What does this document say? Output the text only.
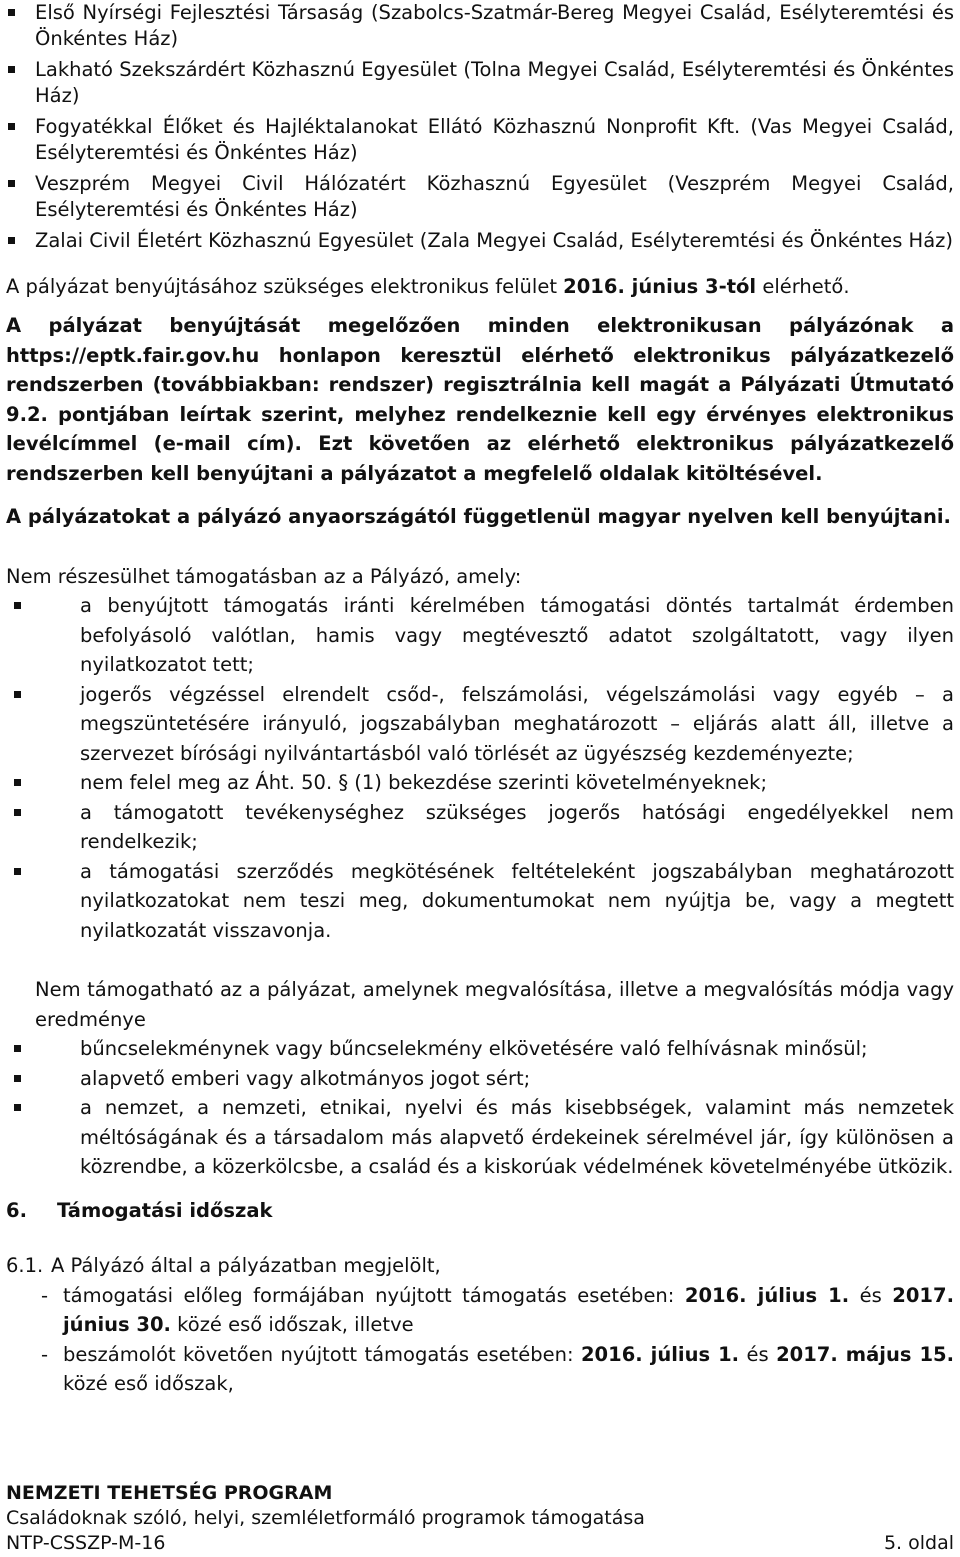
Első Nyírségi Fejlesztési Társaság (Szabolcs-Szatmár-Bereg Megyei Család, Esélyteremtési és Önkéntes Ház)
Lakható Szekszárdért Közhasznú Egyesület (Tolna Megyei Család, Esélyteremtési és Önkéntes Ház)
Fogyatékkal Élőket és Hajléktalanokat Ellátó Közhasznú Nonprofit Kft. (Vas Megyei Család, Esélyteremtési és Önkéntes Ház)
Veszprém Megyei Civil Hálózatért Közhasznú Egyesület (Veszprém Megyei Család, Esélyteremtési és Önkéntes Ház)
Zalai Civil Életért Közhasznú Egyesület (Zala Megyei Család, Esélyteremtési és Önkéntes Ház)

A pályázat benyújtásához szükséges elektronikus felület 2016. június 3-tól elérhető.

A pályázat benyújtását megelőzően minden elektronikusan pályázónak a https://eptk.fair.gov.hu honlapon keresztül elérhető elektronikus pályázatkezelő rendszerben (továbbiakban: rendszer) regisztrálnia kell magát a Pályázati Útmutató 9.2. pontjában leírtak szerint, melyhez rendelkeznie kell egy érvényes elektronikus levélcímmel (e-mail cím). Ezt követően az elérhető elektronikus pályázatkezelő rendszerben kell benyújtani a pályázatot a megfelelő oldalak kitöltésével.

A pályázatokat a pályázó anyaországától függetlenül magyar nyelven kell benyújtani.

Nem részesülhet támogatásban az a Pályázó, amely:

a benyújtott támogatás iránti kérelmében támogatási döntés tartalmát érdemben befolyásoló valótlan, hamis vagy megtévesztő adatot szolgáltatott, vagy ilyen nyilatkozatot tett;
jogerős végzéssel elrendelt csőd-, felszámolási, végelszámolási vagy egyéb – a megszüntetésére irányuló, jogszabályban meghatározott – eljárás alatt áll, illetve a szervezet bírósági nyilvántartásból való törlését az ügyészség kezdeményezte;
nem felel meg az Áht. 50. § (1) bekezdése szerinti követelményeknek;
a támogatott tevékenységhez szükséges jogerős hatósági engedélyekkel nem rendelkezik;
a támogatási szerződés megkötésének feltételeként jogszabályban meghatározott nyilatkozatokat nem teszi meg, dokumentumokat nem nyújtja be, vagy a megtett nyilatkozatát visszavonja.

Nem támogatható az a pályázat, amelynek megvalósítása, illetve a megvalósítás módja vagy eredménye

bűncselekménynek vagy bűncselekmény elkövetésére való felhívásnak minősül;
alapvető emberi vagy alkotmányos jogot sért;
a nemzet, a nemzeti, etnikai, nyelvi és más kisebbségek, valamint más nemzetek méltóságának és a társadalom más alapvető érdekeinek sérelmével jár, így különösen a közrendbe, a közerkölcsbe, a család és a kiskorúak védelmének követelményébe ütközik.

6. Támogatási időszak

6.1. A Pályázó által a pályázatban megjelölt,

- támogatási előleg formájában nyújtott támogatás esetében: 2016. július 1. és 2017. június 30. közé eső időszak, illetve
- beszámolót követően nyújtott támogatás esetében: 2016. július 1. és 2017. május 15. közé eső időszak,
NEMZETI TEHETSÉG PROGRAM
Családoknak szóló, helyi, szemléletformáló programok támogatása
NTP-CSSZP-M-16	5. oldal
